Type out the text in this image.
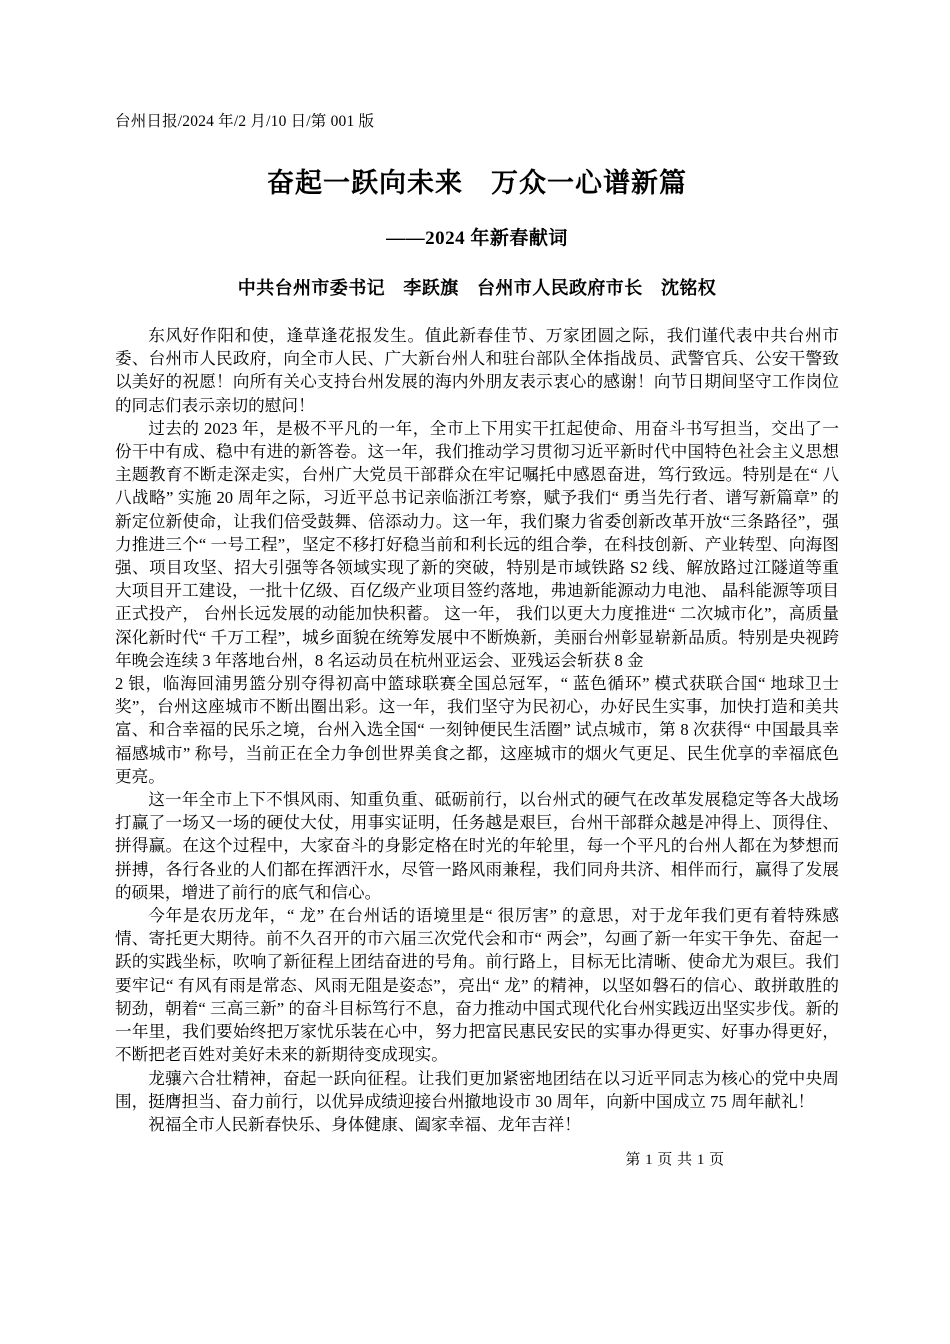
台州日报/2024 年/2 月/10 日/第 001 版
奋起一跃向未来　万众一心谱新篇
——2024 年新春献词
中共台州市委书记　李跃旗　台州市人民政府市长　沈铭权

东风好作阳和使，逢草逢花报发生。值此新春佳节、万家团圆之际，我们谨代表中共台州市委、台州市人民政府，向全市人民、广大新台州人和驻台部队全体指战员、武警官兵、公安干警致以美好的祝愿！向所有关心支持台州发展的海内外朋友表示衷心的感谢！向节日期间坚守工作岗位的同志们表示亲切的慰问！

过去的 2023 年，是极不平凡的一年，全市上下用实干扛起使命、用奋斗书写担当，交出了一份干中有成、稳中有进的新答卷。这一年，我们推动学习贯彻习近平新时代中国特色社会主义思想主题教育不断走深走实，台州广大党员干部群众在牢记嘱托中感恩奋进，笃行致远。特别是在“ 八八战略” 实施 20 周年之际，习近平总书记亲临浙江考察，赋予我们“ 勇当先行者、谱写新篇章” 的新定位新使命，让我们倍受鼓舞、倍添动力。这一年，我们聚力省委创新改革开放“三条路径”，强力推进三个“ 一号工程”，坚定不移打好稳当前和利长远的组合拳，在科技创新、产业转型、向海图强、项目攻坚、招大引强等各领域实现了新的突破，特别是市域铁路 S2 线、解放路过江隧道等重大项目开工建设，一批十亿级、百亿级产业项目签约落地，弗迪新能源动力电池、 晶科能源等项目正式投产， 台州长远发展的动能加快积蓄。 这一年， 我们以更大力度推进“ 二次城市化”，高质量深化新时代“ 千万工程”，城乡面貌在统筹发展中不断焕新，美丽台州彰显崭新品质。特别是央视跨年晚会连续 3 年落地台州，8 名运动员在杭州亚运会、亚残运会斩获 8 金

2 银，临海回浦男篮分别夺得初高中篮球联赛全国总冠军，“ 蓝色循环” 模式获联合国“ 地球卫士奖”，台州这座城市不断出圈出彩。这一年，我们坚守为民初心，办好民生实事，加快打造和美共富、和合幸福的民乐之境，台州入选全国“ 一刻钟便民生活圈” 试点城市，第 8 次获得“ 中国最具幸福感城市” 称号，当前正在全力争创世界美食之都，这座城市的烟火气更足、民生优享的幸福底色更亮。

这一年全市上下不惧风雨、知重负重、砥砺前行，以台州式的硬气在改革发展稳定等各大战场打赢了一场又一场的硬仗大仗，用事实证明，任务越是艰巨，台州干部群众越是冲得上、顶得住、拼得赢。在这个过程中，大家奋斗的身影定格在时光的年轮里，每一个平凡的台州人都在为梦想而拼搏，各行各业的人们都在挥洒汗水，尽管一路风雨兼程，我们同舟共济、相伴而行，赢得了发展的硕果，增进了前行的底气和信心。

今年是农历龙年，“ 龙” 在台州话的语境里是“ 很厉害” 的意思，对于龙年我们更有着特殊感情、寄托更大期待。前不久召开的市六届三次党代会和市“ 两会”，勾画了新一年实干争先、奋起一跃的实践坐标，吹响了新征程上团结奋进的号角。前行路上，目标无比清晰、使命尤为艰巨。我们要牢记“ 有风有雨是常态、风雨无阻是姿态”，亮出“ 龙” 的精神，以坚如磐石的信心、敢拼敢胜的韧劲，朝着“ 三高三新” 的奋斗目标笃行不息，奋力推动中国式现代化台州实践迈出坚实步伐。新的一年里，我们要始终把万家忧乐装在心中，努力把富民惠民安民的实事办得更实、好事办得更好，不断把老百姓对美好未来的新期待变成现实。

龙骧六合壮精神，奋起一跃向征程。让我们更加紧密地团结在以习近平同志为核心的党中央周围，挺膺担当、奋力前行，以优异成绩迎接台州撤地设市 30 周年，向新中国成立 75 周年献礼！

祝福全市人民新春快乐、身体健康、阖家幸福、龙年吉祥！

第 1 页 共 1 页
